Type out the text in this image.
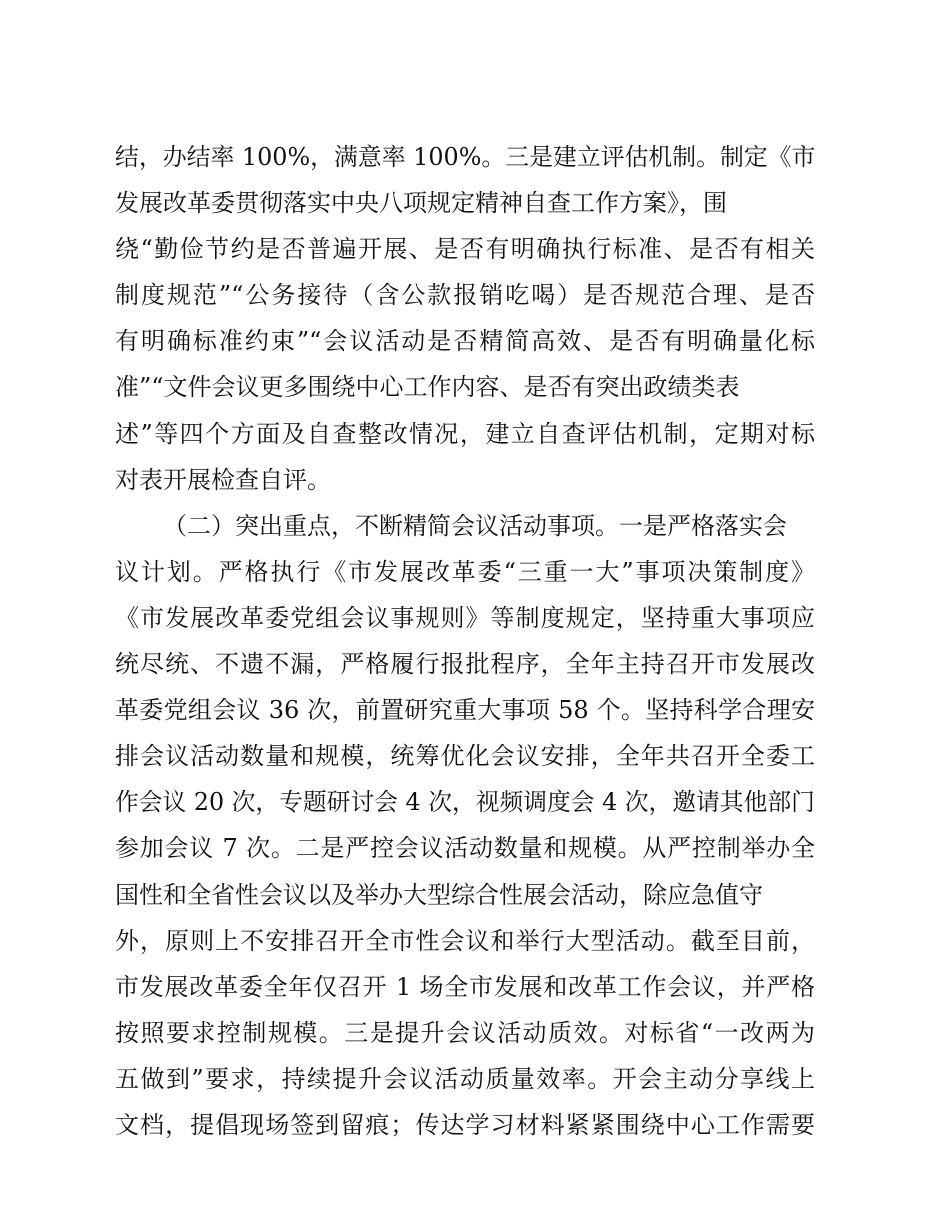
结，办结率 100%，满意率 100%。三是建立评估机制。制定《市
发展改革委贯彻落实中央八项规定精神自查工作方案》，围
绕“勤俭节约是否普遍开展、是否有明确执行标准、是否有相关
制度规范”“公务接待（含公款报销吃喝）是否规范合理、是否
有明确标准约束”“会议活动是否精简高效、是否有明确量化标
准”“文件会议更多围绕中心工作内容、是否有突出政绩类表
述”等四个方面及自查整改情况，建立自查评估机制，定期对标
对表开展检查自评。
（二）突出重点，不断精简会议活动事项。一是严格落实会
议计划。严格执行《市发展改革委“三重一大”事项决策制度》
《市发展改革委党组会议事规则》等制度规定，坚持重大事项应
统尽统、不遗不漏，严格履行报批程序，全年主持召开市发展改
革委党组会议 36 次，前置研究重大事项 58 个。坚持科学合理安
排会议活动数量和规模，统筹优化会议安排，全年共召开全委工
作会议 20 次，专题研讨会 4 次，视频调度会 4 次，邀请其他部门
参加会议 7 次。二是严控会议活动数量和规模。从严控制举办全
国性和全省性会议以及举办大型综合性展会活动，除应急值守
外，原则上不安排召开全市性会议和举行大型活动。截至目前，
市发展改革委全年仅召开 1 场全市发展和改革工作会议，并严格
按照要求控制规模。三是提升会议活动质效。对标省“一改两为
五做到”要求，持续提升会议活动质量效率。开会主动分享线上
文档，提倡现场签到留痕；传达学习材料紧紧围绕中心工作需要
